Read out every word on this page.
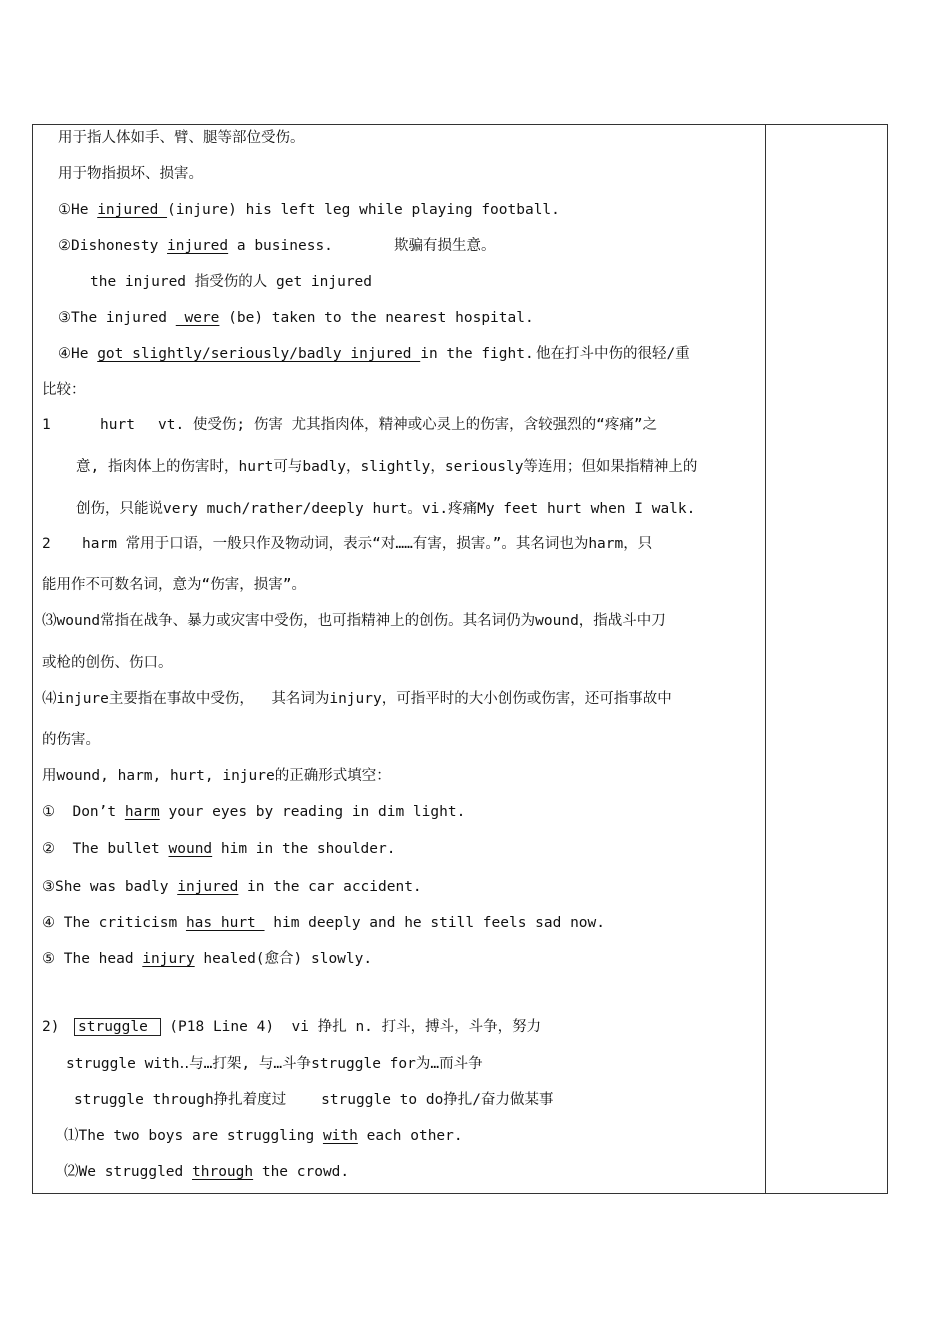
用于指人体如手、臂、腿等部位受伤。
用于物指损坏、损害。
①He injured (injure) his left leg while playing football.
②Dishonesty injured a business.	欺骗有损生意。
the injured 指受伤的人 get injured
③The injured  were (be) taken to the nearest hospital.
④He got slightly/seriously/badly injured in the fight. 他在打斗中伤的很轻/重
比较：
1	hurt vt. 使受伤; 伤害 尤其指肉体，精神或心灵上的伤害，含较强烈的“疼痛”之
意, 指肉体上的伤害时，hurt可与badly，slightly，seriously等连用；但如果指精神上的
创伤，只能说very much/rather/deeply hurt。vi.疼痛My feet hurt when I walk.
2 harm 常用于口语，一般只作及物动词，表示“对……有害，损害。”。其名词也为harm，只
能用作不可数名词，意为“伤害，损害”。
⑶wound常指在战争、暴力或灾害中受伤，也可指精神上的创伤。其名词仍为wound，指战斗中刀
或枪的创伤、伤口。
⑷injure主要指在事故中受伤，  其名词为injury，可指平时的大小创伤或伤害，还可指事故中
的伤害。
用wound, harm, hurt, injure的正确形式填空：
①  Don’t harm your eyes by reading in dim light.
②  The bullet wound him in the shoulder.
③She was badly injured in the car accident.
④ The criticism has hurt  him deeply and he still feels sad now.
⑤ The head injury healed(愈合) slowly.
2) struggle  (P18 Line 4)  vi 挣扎 n. 打斗，搏斗，斗争，努力
struggle with‥与…打架, 与…斗争struggle for为…而斗争
struggle through挣扎着度过    struggle to do挣扎/奋力做某事
⑴The two boys are struggling with each other.
⑵We struggled through the crowd.
